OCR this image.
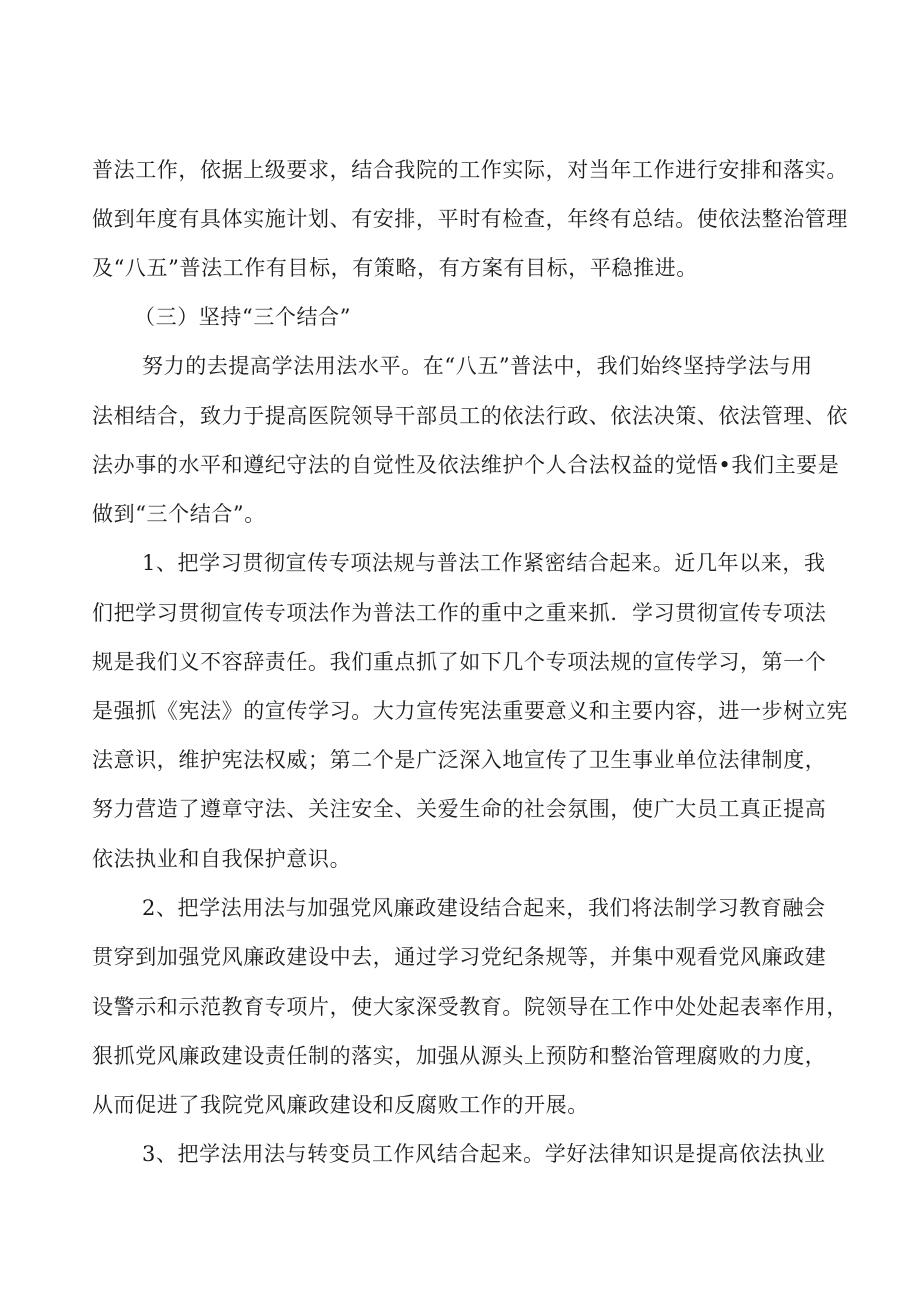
普法工作，依据上级要求，结合我院的工作实际，对当年工作进行安排和落实。
做到年度有具体实施计划、有安排，平时有检查，年终有总结。使依法整治管理
及“八五”普法工作有目标，有策略，有方案有目标，平稳推进。
（三）坚持“三个结合”
努力的去提高学法用法水平。在“八五”普法中，我们始终坚持学法与用
法相结合，致力于提高医院领导干部员工的依法行政、依法决策、依法管理、依
法办事的水平和遵纪守法的自觉性及依法维护个人合法权益的觉悟•我们主要是
做到“三个结合”。
1、把学习贯彻宣传专项法规与普法工作紧密结合起来。近几年以来，我
们把学习贯彻宣传专项法作为普法工作的重中之重来抓．学习贯彻宣传专项法
规是我们义不容辞责任。我们重点抓了如下几个专项法规的宣传学习，第一个
是强抓《宪法》的宣传学习。大力宣传宪法重要意义和主要内容，进一步树立宪
法意识，维护宪法权威；第二个是广泛深入地宣传了卫生事业单位法律制度，
努力营造了遵章守法、关注安全、关爱生命的社会氛围，使广大员工真正提高
依法执业和自我保护意识。
2、把学法用法与加强党风廉政建设结合起来，我们将法制学习教育融会
贯穿到加强党风廉政建设中去，通过学习党纪条规等，并集中观看党风廉政建
设警示和示范教育专项片，使大家深受教育。院领导在工作中处处起表率作用，
狠抓党风廉政建设责任制的落实，加强从源头上预防和整治管理腐败的力度，
从而促进了我院党风廉政建设和反腐败工作的开展。
3、把学法用法与转变员工作风结合起来。学好法律知识是提高依法执业
